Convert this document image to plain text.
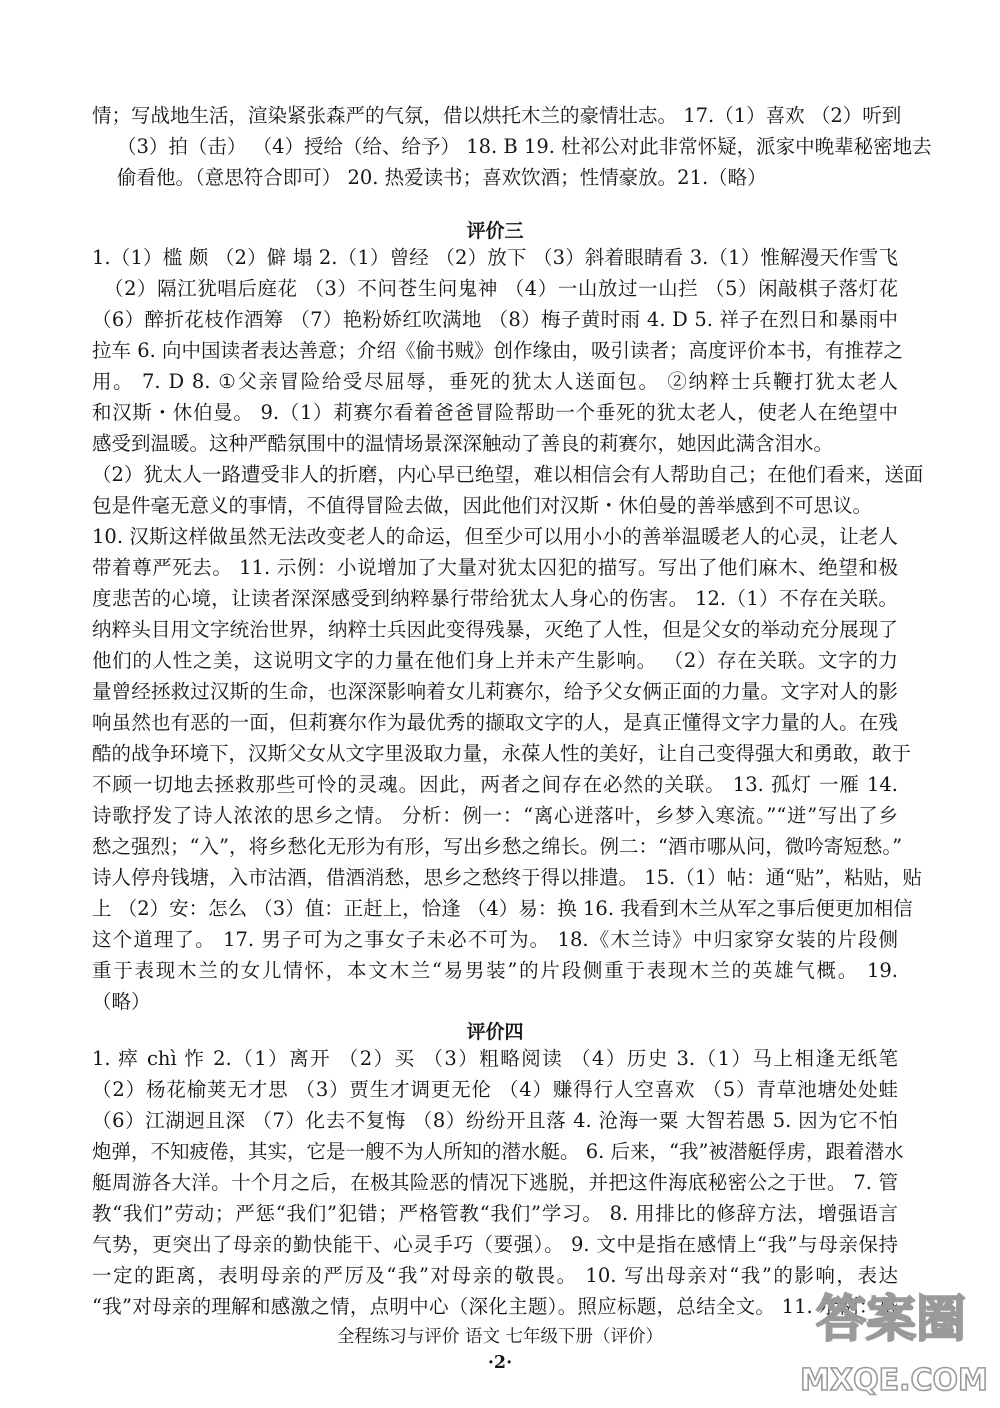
情；写战地生活，渲染紧张森严的气氛，借以烘托木兰的豪情壮志。 17.（1）喜欢 （2）听到
（3）拍（击） （4）授给（给、给予） 18. B 19. 杜祁公对此非常怀疑，派家中晚辈秘密地去
偷看他。（意思符合即可） 20. 热爱读书；喜欢饮酒；性情豪放。21.（略）
评价三
1.（1）槛 颇 （2）僻 塌 2.（1）曾经 （2）放下 （3）斜着眼睛看 3.（1）惟解漫天作雪飞
（2）隔江犹唱后庭花 （3）不问苍生问鬼神 （4）一山放过一山拦 （5）闲敲棋子落灯花
（6）醉折花枝作酒筹 （7）艳粉娇红吹满地 （8）梅子黄时雨 4. D 5. 祥子在烈日和暴雨中
拉车 6. 向中国读者表达善意；介绍《偷书贼》创作缘由，吸引读者；高度评价本书，有推荐之
用。 7. D 8. ①父亲冒险给受尽屈辱，垂死的犹太人送面包。 ②纳粹士兵鞭打犹太老人
和汉斯・休伯曼。 9.（1）莉赛尔看着爸爸冒险帮助一个垂死的犹太老人，使老人在绝望中
感受到温暖。这种严酷氛围中的温情场景深深触动了善良的莉赛尔，她因此满含泪水。
（2）犹太人一路遭受非人的折磨，内心早已绝望，难以相信会有人帮助自己；在他们看来，送面
包是件毫无意义的事情，不值得冒险去做，因此他们对汉斯・休伯曼的善举感到不可思议。
10. 汉斯这样做虽然无法改变老人的命运，但至少可以用小小的善举温暖老人的心灵，让老人
带着尊严死去。 11. 示例：小说增加了大量对犹太囚犯的描写。写出了他们麻木、绝望和极
度悲苦的心境，让读者深深感受到纳粹暴行带给犹太人身心的伤害。 12.（1）不存在关联。
纳粹头目用文字统治世界，纳粹士兵因此变得残暴，灭绝了人性，但是父女的举动充分展现了
他们的人性之美，这说明文字的力量在他们身上并未产生影响。 （2）存在关联。文字的力
量曾经拯救过汉斯的生命，也深深影响着女儿莉赛尔，给予父女俩正面的力量。文字对人的影
响虽然也有恶的一面，但莉赛尔作为最优秀的撷取文字的人，是真正懂得文字力量的人。在残
酷的战争环境下，汉斯父女从文字里汲取力量，永葆人性的美好，让自己变得强大和勇敢，敢于
不顾一切地去拯救那些可怜的灵魂。因此，两者之间存在必然的关联。 13. 孤灯 一雁 14.
诗歌抒发了诗人浓浓的思乡之情。 分析：例一：“离心迸落叶，乡梦入寒流。”“迸”写出了乡
愁之强烈；“入”，将乡愁化无形为有形，写出乡愁之绵长。例二：“酒市哪从问，微吟寄短愁。”
诗人停舟钱塘，入市沽酒，借酒消愁，思乡之愁终于得以排遣。 15.（1）帖：通“贴”，粘贴，贴
上 （2）安：怎么 （3）值：正赶上，恰逢 （4）易：换 16. 我看到木兰从军之事后便更加相信
这个道理了。 17. 男子可为之事女子未必不可为。 18.《木兰诗》中归家穿女装的片段侧
重于表现木兰的女儿情怀，本文木兰“易男装”的片段侧重于表现木兰的英雄气概。 19.
（略）
评价四
1. 瘁 chì 怍 2.（1）离开 （2）买 （3）粗略阅读 （4）历史 3.（1）马上相逢无纸笔
（2）杨花榆荚无才思 （3）贾生才调更无伦 （4）赚得行人空喜欢 （5）青草池塘处处蛙
（6）江湖迥且深 （7）化去不复悔 （8）纷纷开且落 4. 沧海一粟 大智若愚 5. 因为它不怕
炮弹，不知疲倦，其实，它是一艘不为人所知的潜水艇。 6. 后来，“我”被潜艇俘虏，跟着潜水
艇周游各大洋。十个月之后，在极其险恶的情况下逃脱，并把这件海底秘密公之于世。 7. 管
教“我们”劳动；严惩“我们”犯错；严格管教“我们”学习。 8. 用排比的修辞方法，增强语言
气势，更突出了母亲的勤快能干、心灵手巧（要强）。 9. 文中是指在感情上“我”与母亲保持
一定的距离，表明母亲的严厉及“我”对母亲的敬畏。 10. 写出母亲对“我”的影响，表达
“我”对母亲的理解和感激之情，点明中心（深化主题）。照应标题，总结全文。 11. 示例：赞
全程练习与评价 语文 七年级下册（评价）
·2·
答案圈
MXQE.COM
